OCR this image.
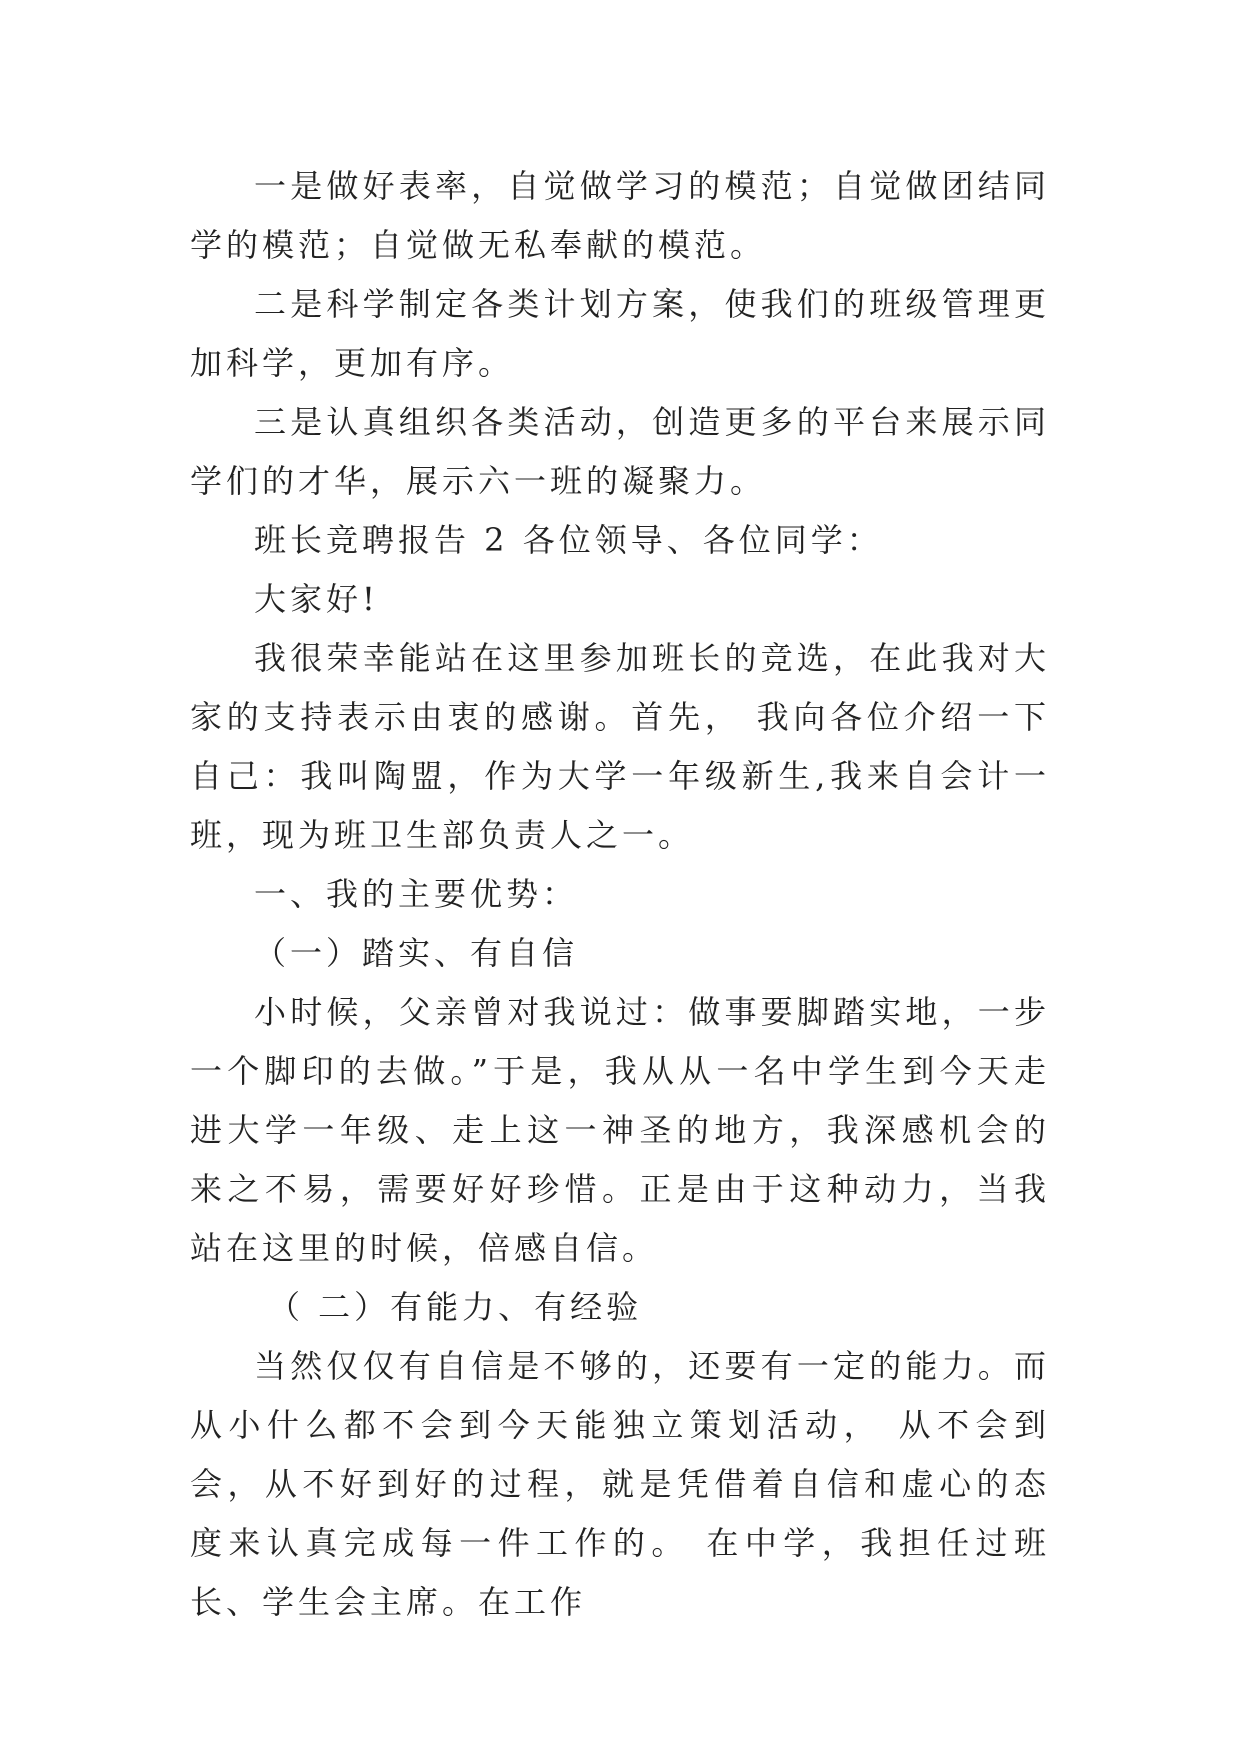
一是做好表率，自觉做学习的模范；自觉做团结同学的模范；自觉做无私奉献的模范。

二是科学制定各类计划方案，使我们的班级管理更加科学，更加有序。

三是认真组织各类活动，创造更多的平台来展示同学们的才华，展示六一班的凝聚力。

班长竞聘报告 2 各位领导、各位同学：

大家好!

我很荣幸能站在这里参加班长的竞选，在此我对大家的支持表示由衷的感谢。首先， 我向各位介绍一下自己：我叫陶盟，作为大学一年级新生,我来自会计一班，现为班卫生部负责人之一。

一、我的主要优势：

（一）踏实、有自信

小时候，父亲曾对我说过：做事要脚踏实地，一步一个脚印的去做。”于是，我从从一名中学生到今天走进大学一年级、走上这一神圣的地方，我深感机会的来之不易，需要好好珍惜。正是由于这种动力，当我站在这里的时候，倍感自信。

（ 二）有能力、有经验

当然仅仅有自信是不够的，还要有一定的能力。而从小什么都不会到今天能独立策划活动， 从不会到会，从不好到好的过程，就是凭借着自信和虚心的态度来认真完成每一件工作的。 在中学，我担任过班长、学生会主席。在工作
